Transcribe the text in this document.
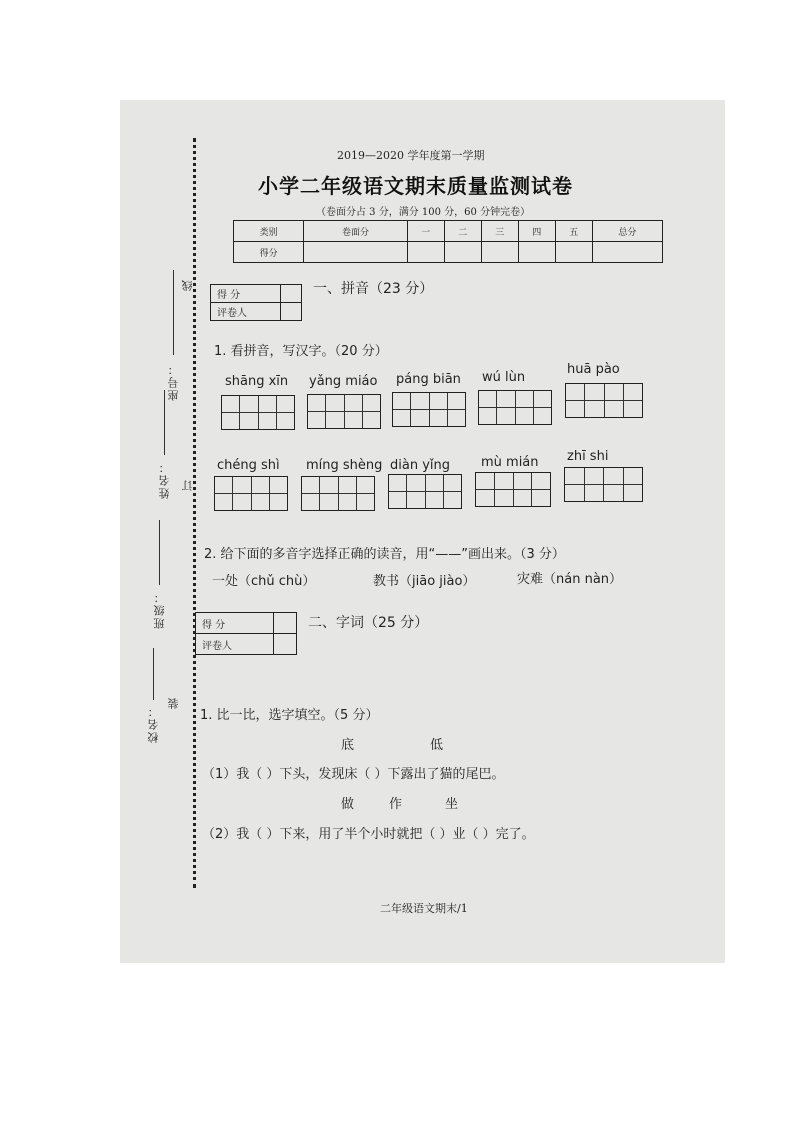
线
座号：
订
姓名：
班级：
装
校名：
2019—2020 学年度第一学期
小学二年级语文期末质量监测试卷
（卷面分占 3 分，满分 100 分，60 分钟完卷）
类别	卷面分	一	二	三	四	五	总分
得分							
得 分	
评卷人	
一、拼音（23 分）
1. 看拼音，写汉字。（20 分）
shāng xīn yǎng miáo páng biān wú lùn
huā pào
chéng shì míng shèng diàn yǐng mù mián zhī shi
2. 给下面的多音字选择正确的读音，用“——”画出来。（3 分）
一处（chǔ chù）	教书（jiāo jiào）	灾难（nán nàn）
得 分	
评卷人	
二、字词（25 分）
1. 比一比，选字填空。（5 分）
底	低
（1）我（ ）下头，发现床（ ）下露出了猫的尾巴。
做	作	坐
（2）我（ ）下来，用了半个小时就把（ ）业（ ）完了。
二年级语文期末/1
